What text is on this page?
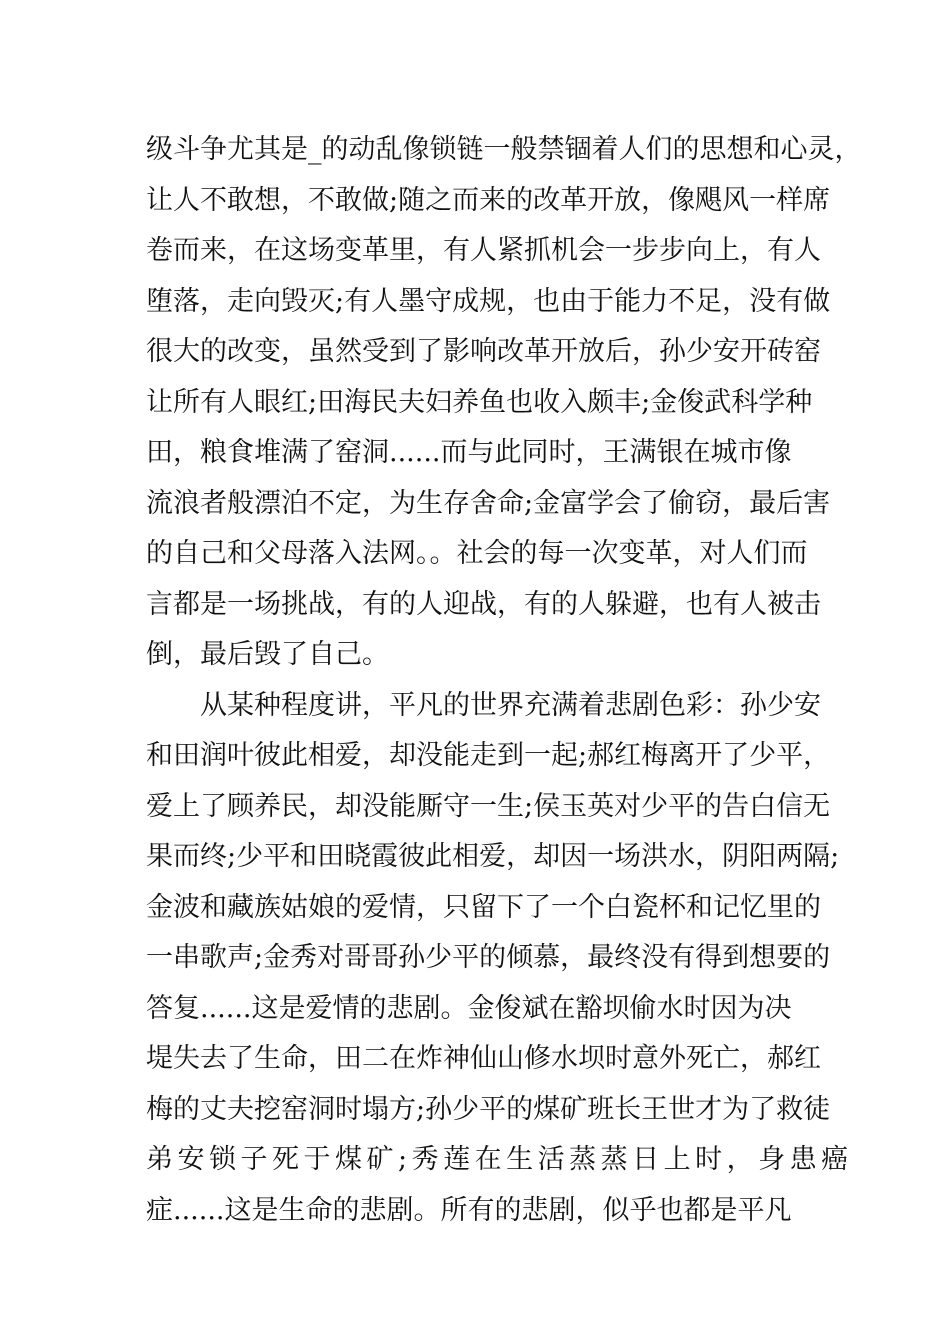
级斗争尤其是_的动乱像锁链一般禁锢着人们的思想和心灵，
让人不敢想，不敢做;随之而来的改革开放，像飓风一样席
卷而来，在这场变革里，有人紧抓机会一步步向上，有人
堕落，走向毁灭;有人墨守成规，也由于能力不足，没有做
很大的改变，虽然受到了影响改革开放后，孙少安开砖窑
让所有人眼红;田海民夫妇养鱼也收入颇丰;金俊武科学种
田，粮食堆满了窑洞......而与此同时，王满银在城市像
流浪者般漂泊不定，为生存舍命;金富学会了偷窃，最后害
的自己和父母落入法网。。社会的每一次变革，对人们而
言都是一场挑战，有的人迎战，有的人躲避，也有人被击
倒，最后毁了自己。
从某种程度讲，平凡的世界充满着悲剧色彩：孙少安
和田润叶彼此相爱，却没能走到一起;郝红梅离开了少平，
爱上了顾养民，却没能厮守一生;侯玉英对少平的告白信无
果而终;少平和田晓霞彼此相爱，却因一场洪水，阴阳两隔;
金波和藏族姑娘的爱情，只留下了一个白瓷杯和记忆里的
一串歌声;金秀对哥哥孙少平的倾慕，最终没有得到想要的
答复......这是爱情的悲剧。金俊斌在豁坝偷水时因为决
堤失去了生命，田二在炸神仙山修水坝时意外死亡，郝红
梅的丈夫挖窑洞时塌方;孙少平的煤矿班长王世才为了救徒
弟安锁子死于煤矿;秀莲在生活蒸蒸日上时，身患癌
症......这是生命的悲剧。所有的悲剧，似乎也都是平凡
